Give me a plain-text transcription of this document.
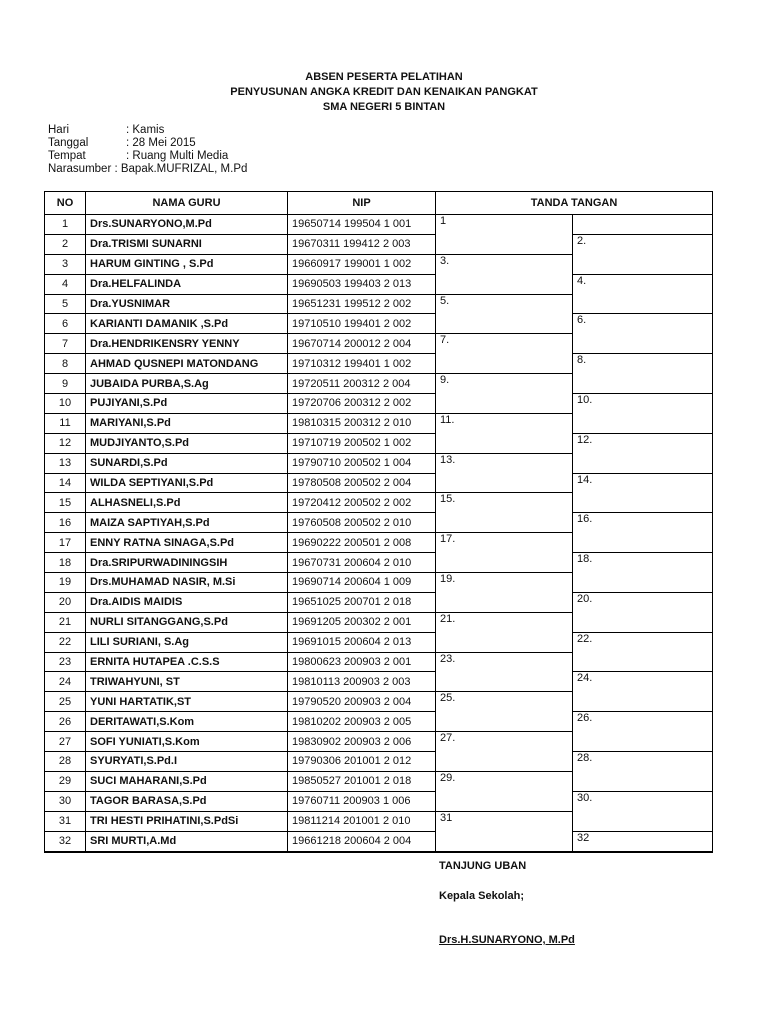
ABSEN PESERTA PELATIHAN
PENYUSUNAN ANGKA KREDIT DAN KENAIKAN PANGKAT
SMA NEGERI 5 BINTAN
Hari	: Kamis
Tanggal	: 28 Mei 2015
Tempat	: Ruang Multi Media
Narasumber : Bapak.MUFRIZAL, M.Pd
NO	NAMA GURU	NIP	TANDA TANGAN	
1	Drs.SUNARYONO,M.Pd	19650714 199504 1 001	1	
2	Dra.TRISMI SUNARNI	19670311 199412 2 003		2.
3	HARUM GINTING , S.Pd	19660917 199001 1 002	3.	
4	Dra.HELFALINDA	19690503 199403 2 013		4.
5	Dra.YUSNIMAR	19651231 199512 2 002	5.	
6	KARIANTI DAMANIK ,S.Pd	19710510 199401 2 002		6.
7	Dra.HENDRIKENSRY YENNY	19670714 200012 2 004	7.	
8	AHMAD QUSNEPI MATONDANG	19710312 199401 1 002		8.
9	JUBAIDA PURBA,S.Ag	19720511 200312 2 004	9.	
10	PUJIYANI,S.Pd	19720706 200312 2 002		10.
11	MARIYANI,S.Pd	19810315 200312 2 010	11.	
12	MUDJIYANTO,S.Pd	19710719 200502 1 002		12.
13	SUNARDI,S.Pd	19790710 200502 1 004	13.	
14	WILDA SEPTIYANI,S.Pd	19780508 200502 2 004		14.
15	ALHASNELI,S.Pd	19720412 200502 2 002	15.	
16	MAIZA SAPTIYAH,S.Pd	19760508 200502 2 010		16.
17	ENNY RATNA SINAGA,S.Pd	19690222 200501 2 008	17.	
18	Dra.SRIPURWADININGSIH	19670731 200604 2 010		18.
19	Drs.MUHAMAD NASIR, M.Si	19690714 200604 1 009	19.	
20	Dra.AIDIS MAIDIS	19651025 200701 2 018		20.
21	NURLI SITANGGANG,S.Pd	19691205 200302 2 001	21.	
22	LILI SURIANI, S.Ag	19691015 200604 2 013		22.
23	ERNITA HUTAPEA .C.S.S	19800623 200903 2 001	23.	
24	TRIWAHYUNI, ST	19810113 200903 2 003		24.
25	YUNI HARTATIK,ST	19790520 200903 2 004	25.	
26	DERITAWATI,S.Kom	19810202 200903 2 005		26.
27	SOFI YUNIATI,S.Kom	19830902 200903 2 006	27.	
28	SYURYATI,S.Pd.I	19790306 201001 2 012		28.
29	SUCI MAHARANI,S.Pd	19850527 201001 2 018	29.	
30	TAGOR BARASA,S.Pd	19760711 200903 1 006		30.
31	TRI HESTI PRIHATINI,S.PdSi	19811214 201001 2 010	31	
32	SRI MURTI,A.Md	19661218 200604 2 004		32
TANJUNG UBAN
Kepala Sekolah;
Drs.H.SUNARYONO, M.Pd
